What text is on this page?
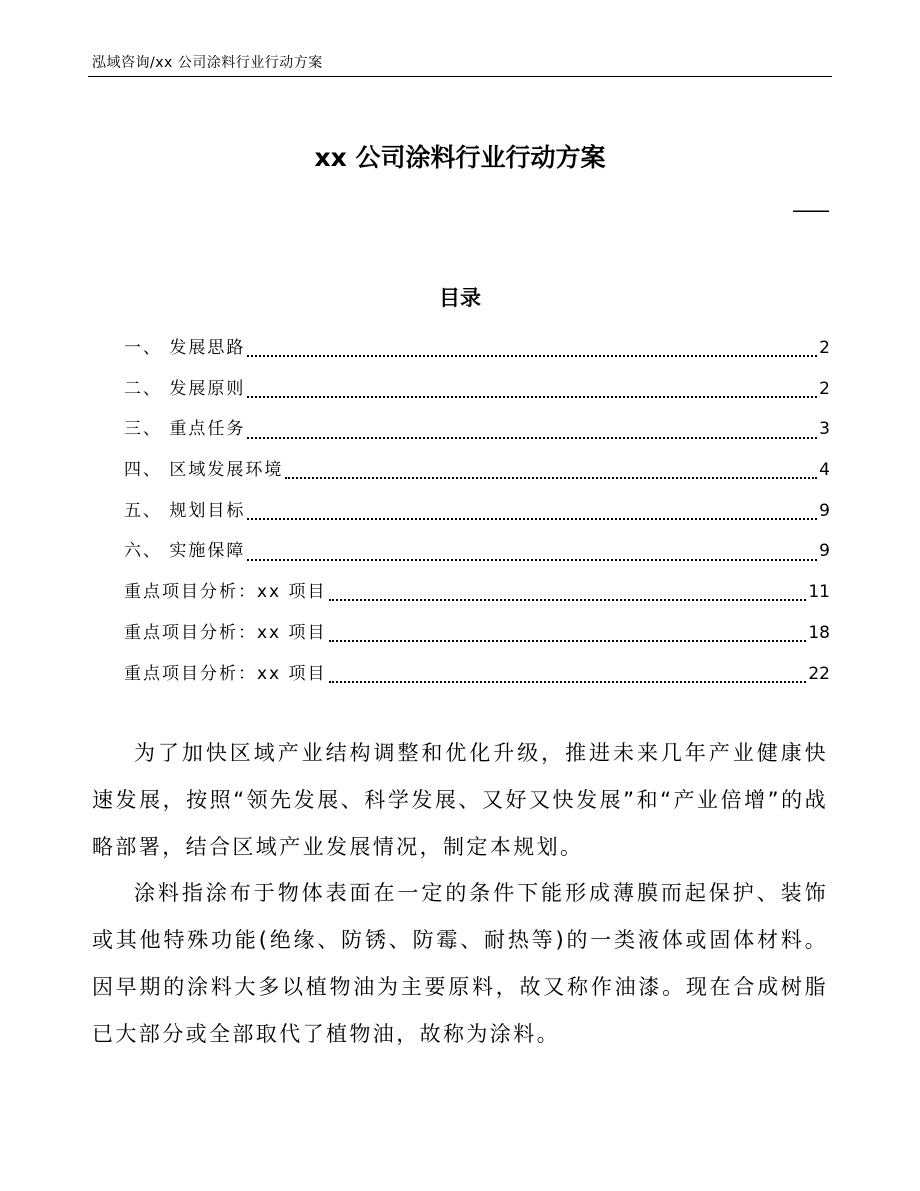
泓域咨询/xx 公司涂料行业行动方案
xx 公司涂料行业行动方案
——
目录
一、 发展思路	2
二、 发展原则	2
三、 重点任务	3
四、 区域发展环境	4
五、 规划目标	9
六、 实施保障	9
重点项目分析：xx 项目	11
重点项目分析：xx 项目	18
重点项目分析：xx 项目	22

为了加快区域产业结构调整和优化升级，推进未来几年产业健康快速发展，按照“领先发展、科学发展、又好又快发展”和“产业倍增”的战略部署，结合区域产业发展情况，制定本规划。

涂料指涂布于物体表面在一定的条件下能形成薄膜而起保护、装饰或其他特殊功能(绝缘、防锈、防霉、耐热等)的一类液体或固体材料。因早期的涂料大多以植物油为主要原料，故又称作油漆。现在合成树脂已大部分或全部取代了植物油，故称为涂料。
